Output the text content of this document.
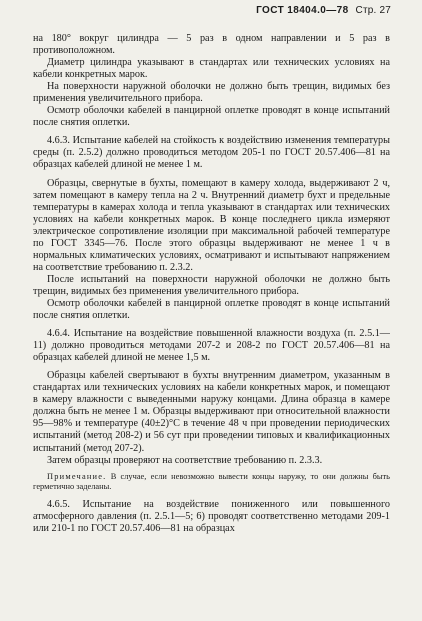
ГОСТ 18404.0—78 Стр. 27

на 180° вокруг цилиндра — 5 раз в одном направлении и 5 раз в противоположном.

Диаметр цилиндра указывают в стандартах или технических условиях на кабели конкретных марок.

На поверхности наружной оболочки не должно быть трещин, видимых без применения увеличительного прибора.

Осмотр оболочки кабелей в панцирной оплетке проводят в конце испытаний после снятия оплетки.

4.6.3. Испытание кабелей на стойкость к воздействию изменения температуры среды (п. 2.5.2) должно проводиться методом 205-1 по ГОСТ 20.57.406—81 на образцах кабелей длиной не менее 1 м.

Образцы, свернутые в бухты, помещают в камеру холода, выдерживают 2 ч, затем помещают в камеру тепла на 2 ч. Внутренний диаметр бухт и предельные температуры в камерах холода и тепла указывают в стандартах или технических условиях на кабели конкретных марок. В конце последнего цикла измеряют электрическое сопротивление изоляции при максимальной рабочей температуре по ГОСТ 3345—76. После этого образцы выдерживают не менее 1 ч в нормальных климатических условиях, осматривают и испытывают напряжением на соответствие требованию п. 2.3.2.

После испытаний на поверхности наружной оболочки не должно быть трещин, видимых без применения увеличительного прибора.

Осмотр оболочки кабелей в панцирной оплетке проводят в конце испытаний после снятия оплетки.

4.6.4. Испытание на воздействие повышенной влажности воздуха (п. 2.5.1—11) должно проводиться методами 207-2 и 208-2 по ГОСТ 20.57.406—81 на образцах кабелей длиной не менее 1,5 м.

Образцы кабелей свертывают в бухты внутренним диаметром, указанным в стандартах или технических условиях на кабели конкретных марок, и помещают в камеру влажности с выведенными наружу концами. Длина образца в камере должна быть не менее 1 м. Образцы выдерживают при относительной влажности 95—98% и температуре (40±2)°С в течение 48 ч при проведении периодических испытаний (метод 208-2) и 56 сут при проведении типовых и квалификационных испытаний (метод 207-2).

Затем образцы проверяют на соответствие требованию п. 2.3.3.

Примечание. В случае, если невозможно вывести концы наружу, то они должны быть герметично заделаны.

4.6.5. Испытание на воздействие пониженного или повышенного атмосферного давления (п. 2.5.1—5; 6) проводят соответственно методами 209-1 или 210-1 по ГОСТ 20.57.406—81 на образцах
